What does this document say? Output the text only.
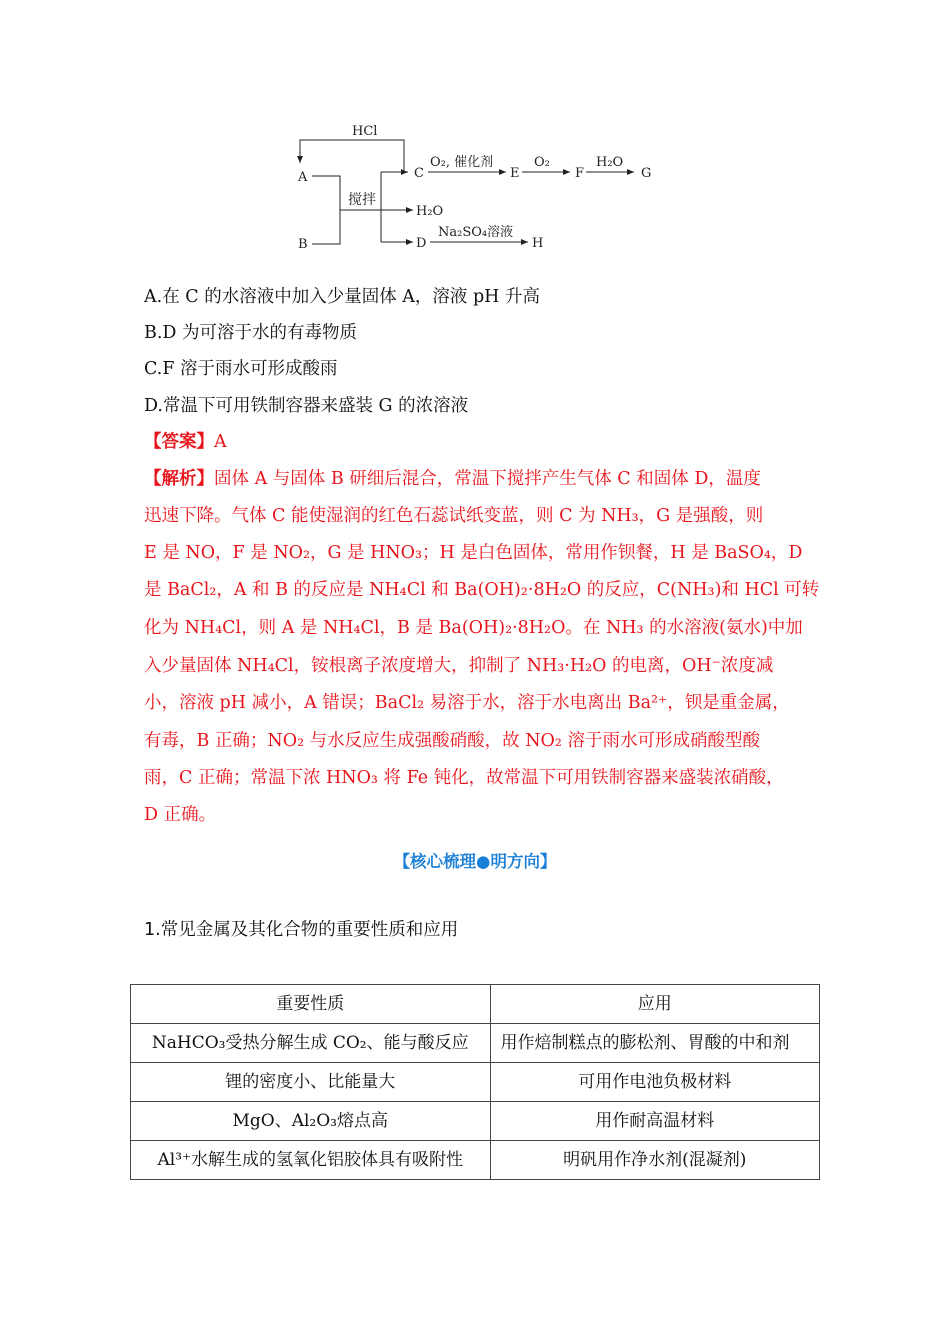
HCl
A
B
搅拌
C
O₂, 催化剂
E
O₂
F
H₂O
G
H₂O
D
Na₂SO₄溶液
H
A.在 C 的水溶液中加入少量固体 A，溶液 pH 升高
B.D 为可溶于水的有毒物质
C.F 溶于雨水可形成酸雨
D.常温下可用铁制容器来盛装 G 的浓溶液
【答案】A
【解析】固体 A 与固体 B 研细后混合，常温下搅拌产生气体 C 和固体 D，温度
迅速下降。气体 C 能使湿润的红色石蕊试纸变蓝，则 C 为 NH₃，G 是强酸，则
E 是 NO，F 是 NO₂，G 是 HNO₃；H 是白色固体，常用作钡餐，H 是 BaSO₄，D
是 BaCl₂，A 和 B 的反应是 NH₄Cl 和 Ba(OH)₂·8H₂O 的反应，C(NH₃)和 HCl 可转
化为 NH₄Cl，则 A 是 NH₄Cl，B 是 Ba(OH)₂·8H₂O。在 NH₃ 的水溶液(氨水)中加
入少量固体 NH₄Cl，铵根离子浓度增大，抑制了 NH₃·H₂O 的电离，OH⁻浓度减
小，溶液 pH 减小，A 错误；BaCl₂ 易溶于水，溶于水电离出 Ba²⁺，钡是重金属，
有毒，B 正确；NO₂ 与水反应生成强酸硝酸，故 NO₂ 溶于雨水可形成硝酸型酸
雨，C 正确；常温下浓 HNO₃ 将 Fe 钝化，故常温下可用铁制容器来盛装浓硝酸，
D 正确。
【核心梳理●明方向】
1.常见金属及其化合物的重要性质和应用
重要性质	应用
NaHCO₃受热分解生成 CO₂、能与酸反应	用作焙制糕点的膨松剂、胃酸的中和剂
锂的密度小、比能量大	可用作电池负极材料
MgO、Al₂O₃熔点高	用作耐高温材料
Al³⁺水解生成的氢氧化铝胶体具有吸附性	明矾用作净水剂(混凝剂)
